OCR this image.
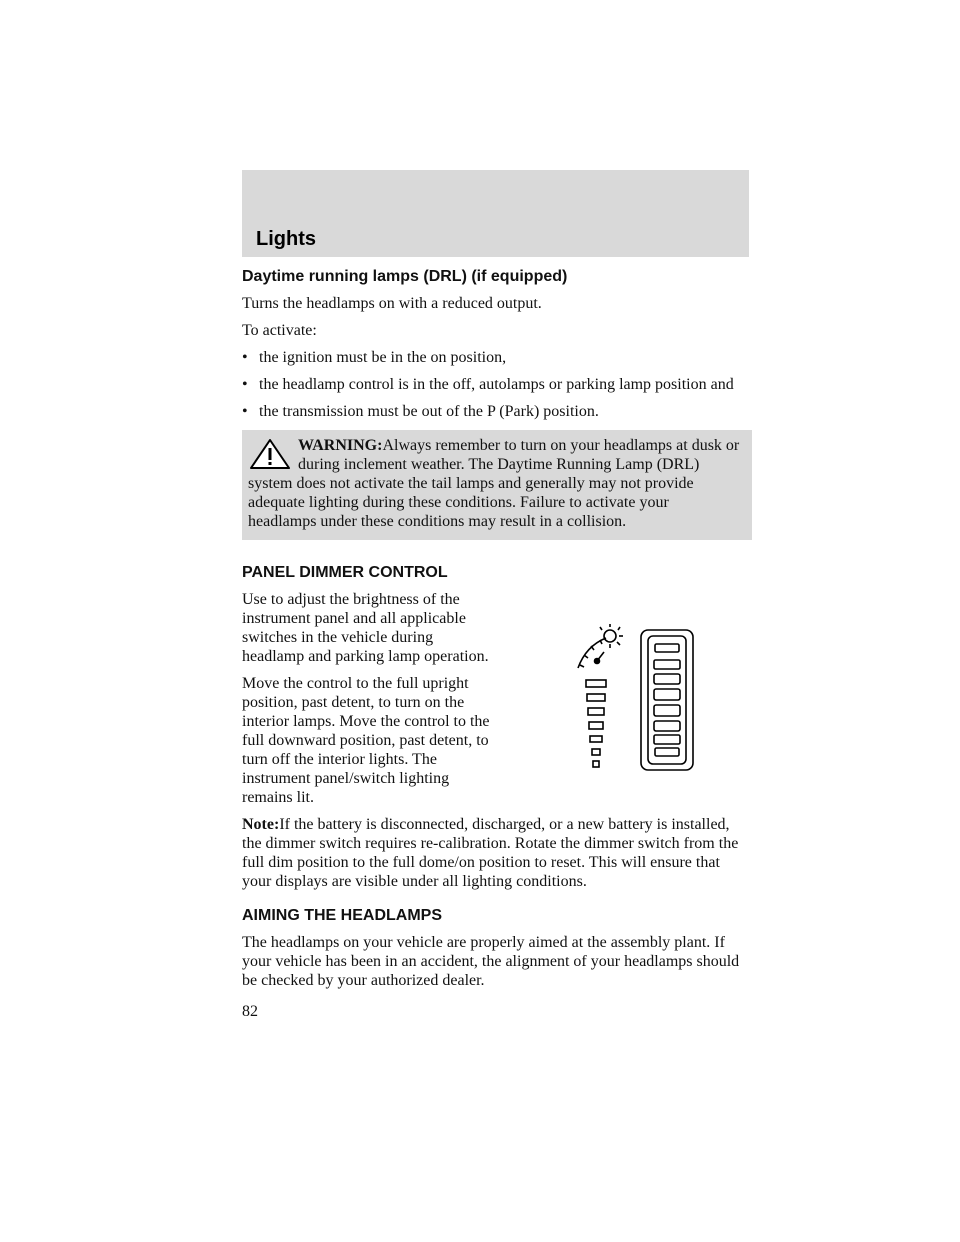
Lights
Daytime running lamps (DRL) (if equipped)

Turns the headlamps on with a reduced output.

To activate:

• the ignition must be in the on position,
• the headlamp control is in the off, autolamps or parking lamp position and
• the transmission must be out of the P (Park) position.
WARNING:Always remember to turn on your headlamps at dusk or during inclement weather. The Daytime Running Lamp (DRL) system does not activate the tail lamps and generally may not provide adequate lighting during these conditions. Failure to activate your headlamps under these conditions may result in a collision.
PANEL DIMMER CONTROL

Use to adjust the brightness of the instrument panel and all applicable switches in the vehicle during headlamp and parking lamp operation.

Move the control to the full upright position, past detent, to turn on the interior lamps. Move the control to the full downward position, past detent, to turn off the interior lights. The instrument panel/switch lighting remains lit.

Note:If the battery is disconnected, discharged, or a new battery is installed, the dimmer switch requires re-calibration. Rotate the dimmer switch from the full dim position to the full dome/on position to reset. This will ensure that your displays are visible under all lighting conditions.

AIMING THE HEADLAMPS

The headlamps on your vehicle are properly aimed at the assembly plant. If your vehicle has been in an accident, the alignment of your headlamps should be checked by your authorized dealer.

82
